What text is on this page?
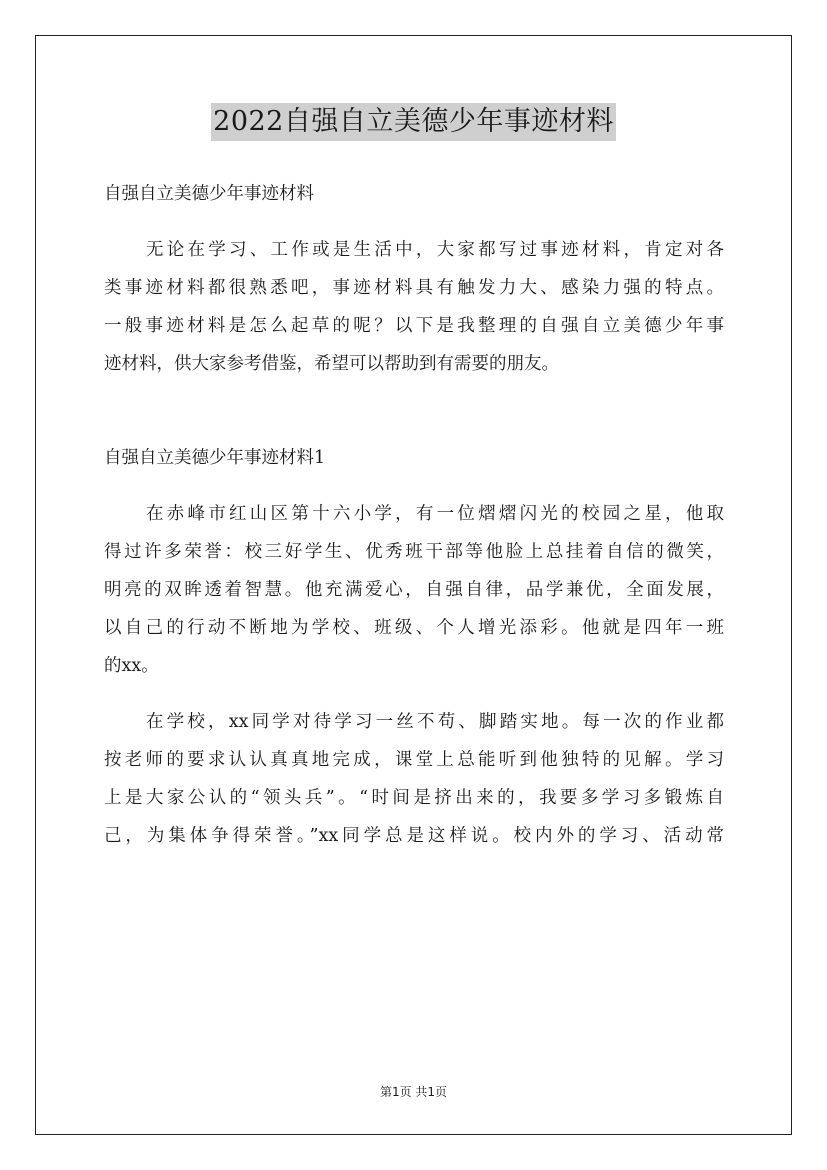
2022自强自立美德少年事迹材料
自强自立美德少年事迹材料
无论在学习、工作或是生活中，大家都写过事迹材料，肯定对各
类事迹材料都很熟悉吧，事迹材料具有触发力大、感染力强的特点。
一般事迹材料是怎么起草的呢？以下是我整理的自强自立美德少年事
迹材料，供大家参考借鉴，希望可以帮助到有需要的朋友。
自强自立美德少年事迹材料1
在赤峰市红山区第十六小学，有一位熠熠闪光的校园之星，他取
得过许多荣誉：校三好学生、优秀班干部等他脸上总挂着自信的微笑，
明亮的双眸透着智慧。他充满爱心，自强自律，品学兼优，全面发展，
以自己的行动不断地为学校、班级、个人增光添彩。他就是四年一班
的xx。
在学校，xx同学对待学习一丝不苟、脚踏实地。每一次的作业都
按老师的要求认认真真地完成，课堂上总能听到他独特的见解。学习
上是大家公认的“领头兵”。“时间是挤出来的，我要多学习多锻炼自
己，为集体争得荣誉。”xx同学总是这样说。校内外的学习、活动常
第1页 共1页
